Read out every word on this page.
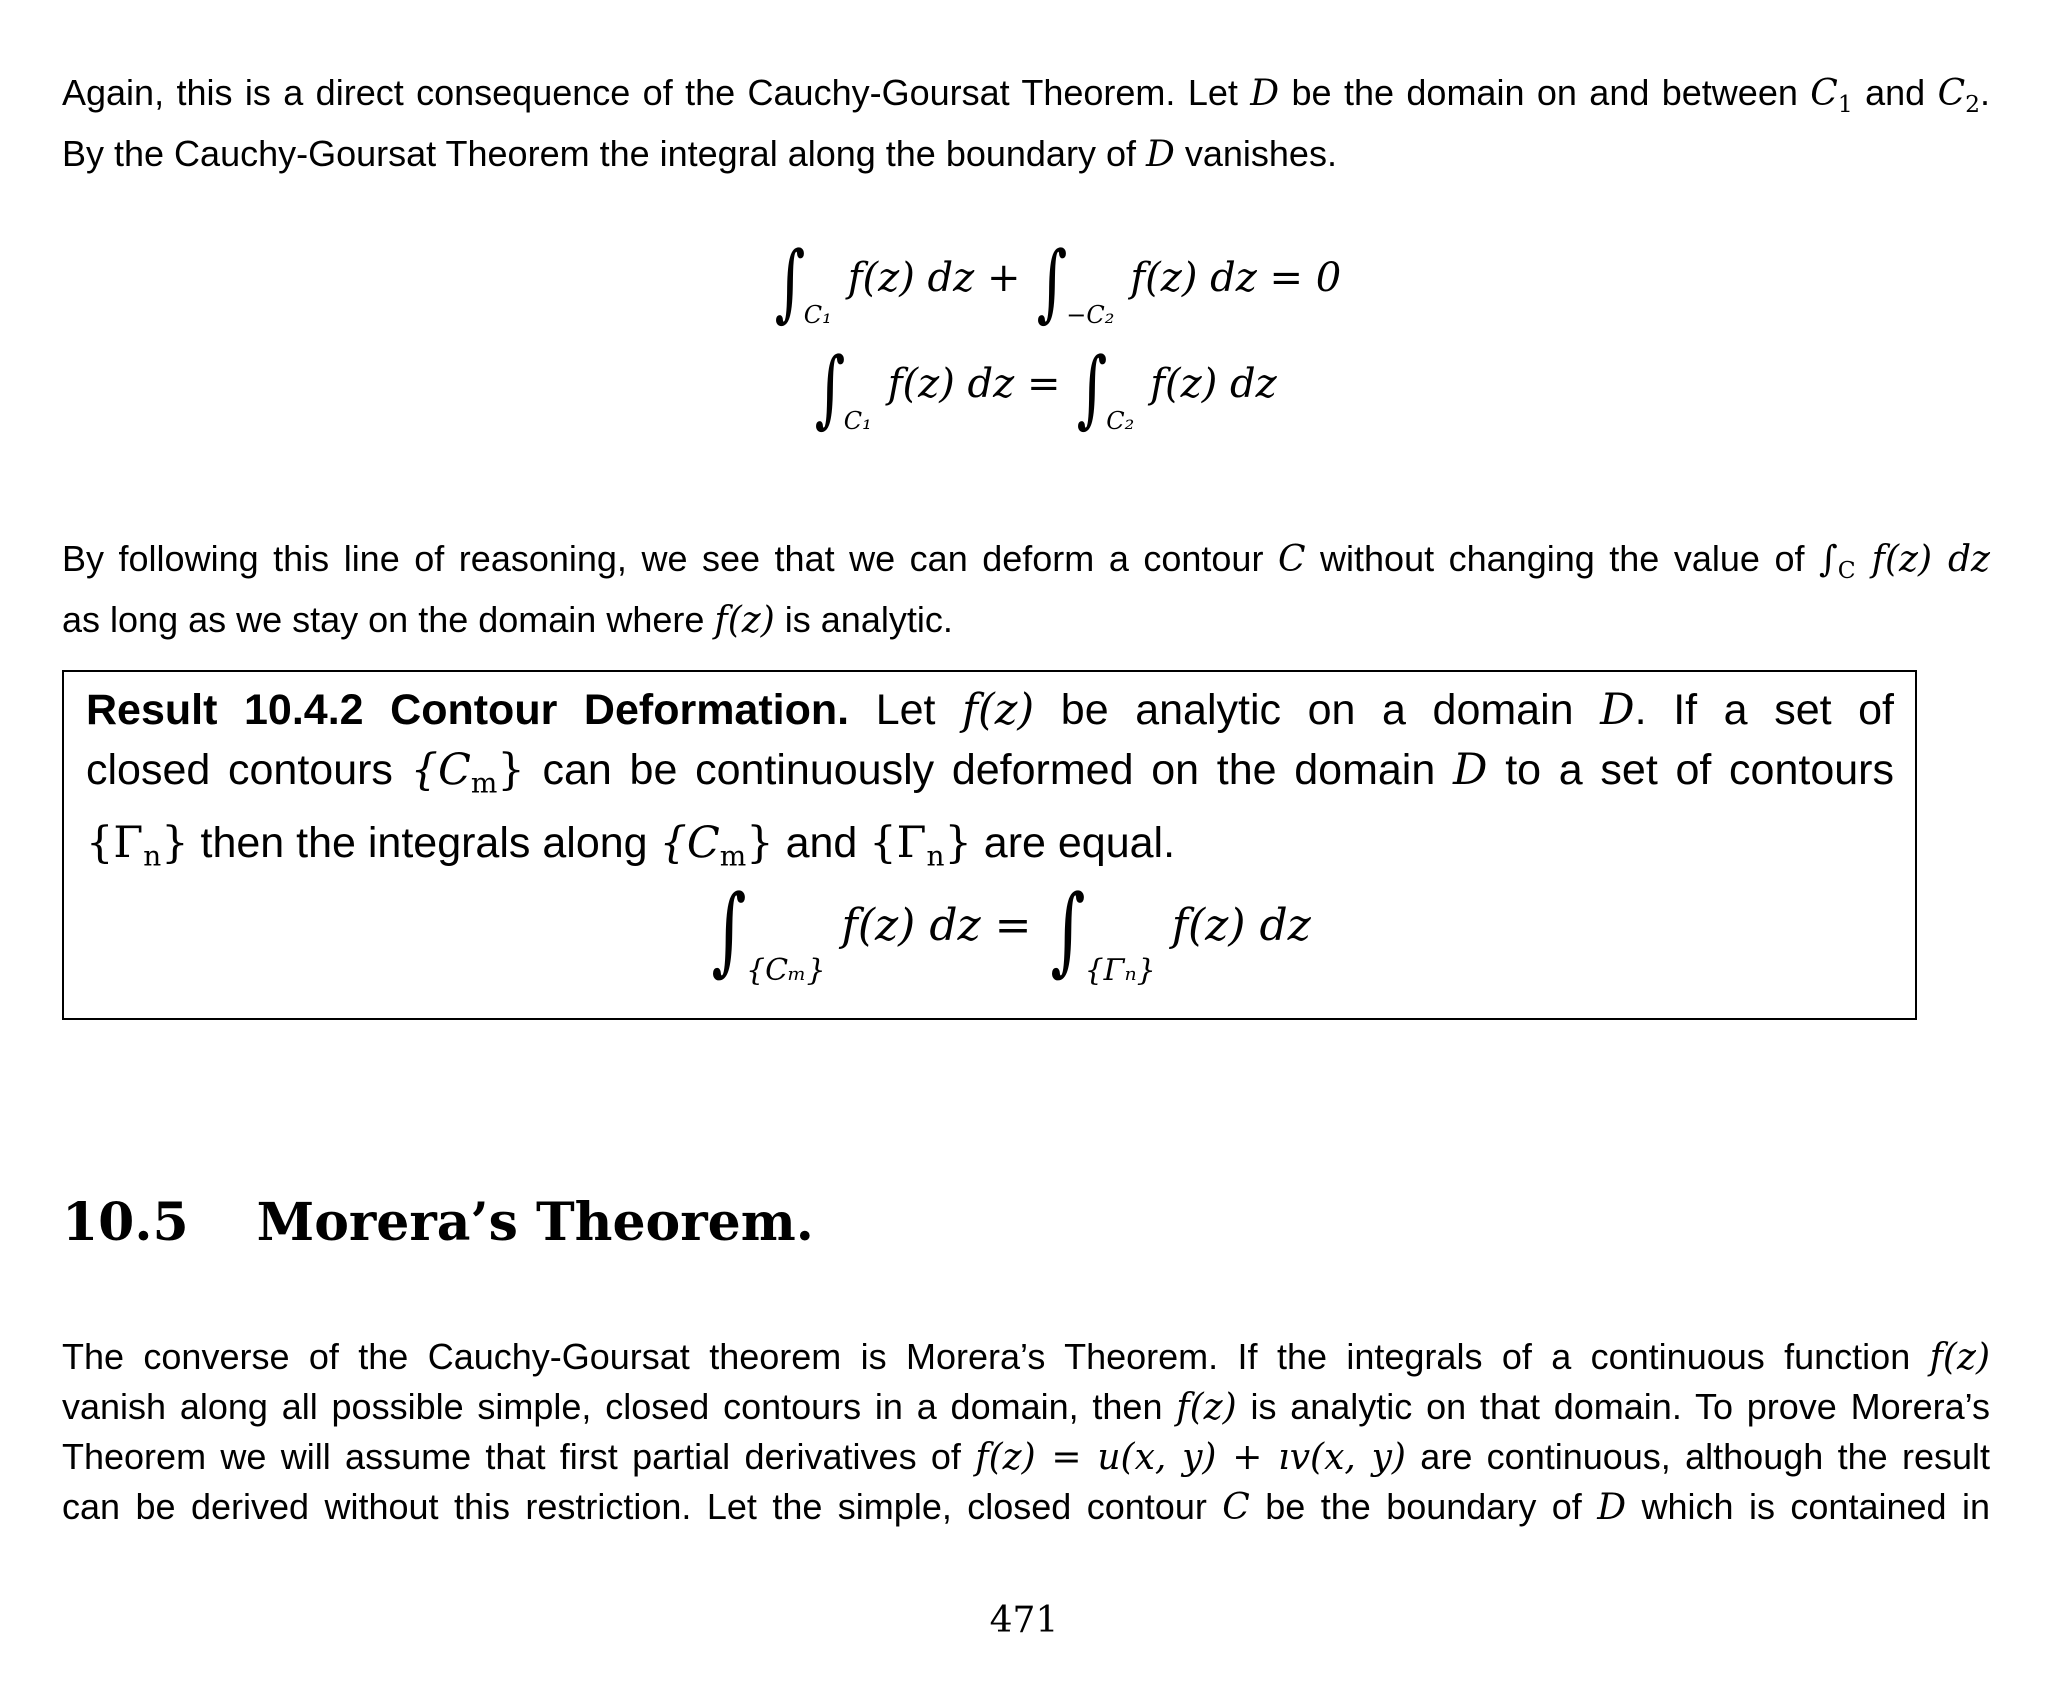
Again, this is a direct consequence of the Cauchy-Goursat Theorem. Let D be the domain on and between $C_1$ and $C_2$.
By the Cauchy-Goursat Theorem the integral along the boundary of D vanishes.
$\int_{C_1}f(z)$ dz + $\int_{-C_2}f(z)$ dz = 0
$\int_{C_1}f(z)$ dz = $\int_{C_2}f(z)$ dz
By following this line of reasoning, we see that we can deform a contour C without changing the value of $\int_C$ f(z) dz
as long as we stay on the domain where f(z) is analytic.
Result 10.4.2 Contour Deformation. Let f(z) be analytic on a domain D. If a set of
closed contours $\{C_m\}$ can be continuously deformed on the domain D to a set of contours
$\{\Gamma_n\}$ then the integrals along $\{C_m\}$ and $\{\Gamma_n\}$ are equal.
$\int_{\{C_m\}}f(z)$ dz = $\int_{\{\Gamma_n\}}f(z)$ dz
10.5 Morera’s Theorem.
The converse of the Cauchy-Goursat theorem is Morera’s Theorem. If the integrals of a continuous function f(z)
vanish along all possible simple, closed contours in a domain, then f(z) is analytic on that domain. To prove Morera’s
Theorem we will assume that first partial derivatives of f(z) = u(x, y) + ıv(x, y) are continuous, although the result
can be derived without this restriction. Let the simple, closed contour C be the boundary of D which is contained in
471
